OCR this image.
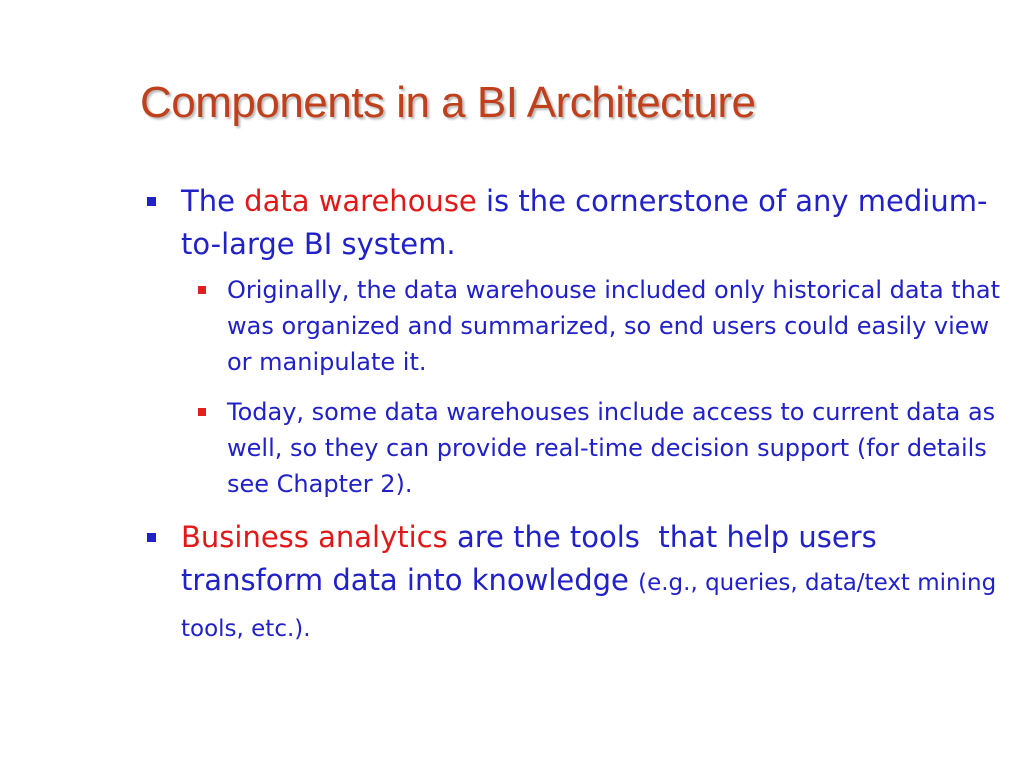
Components in a BI Architecture
The data warehouse is the cornerstone of any medium-to-large BI system.
Originally, the data warehouse included only historical data that was organized and summarized, so end users could easily view or manipulate it.
Today, some data warehouses include access to current data as well, so they can provide real-time decision support (for details see Chapter 2).
Business analytics are the tools  that help users transform data into knowledge (e.g., queries, data/text mining tools, etc.).
